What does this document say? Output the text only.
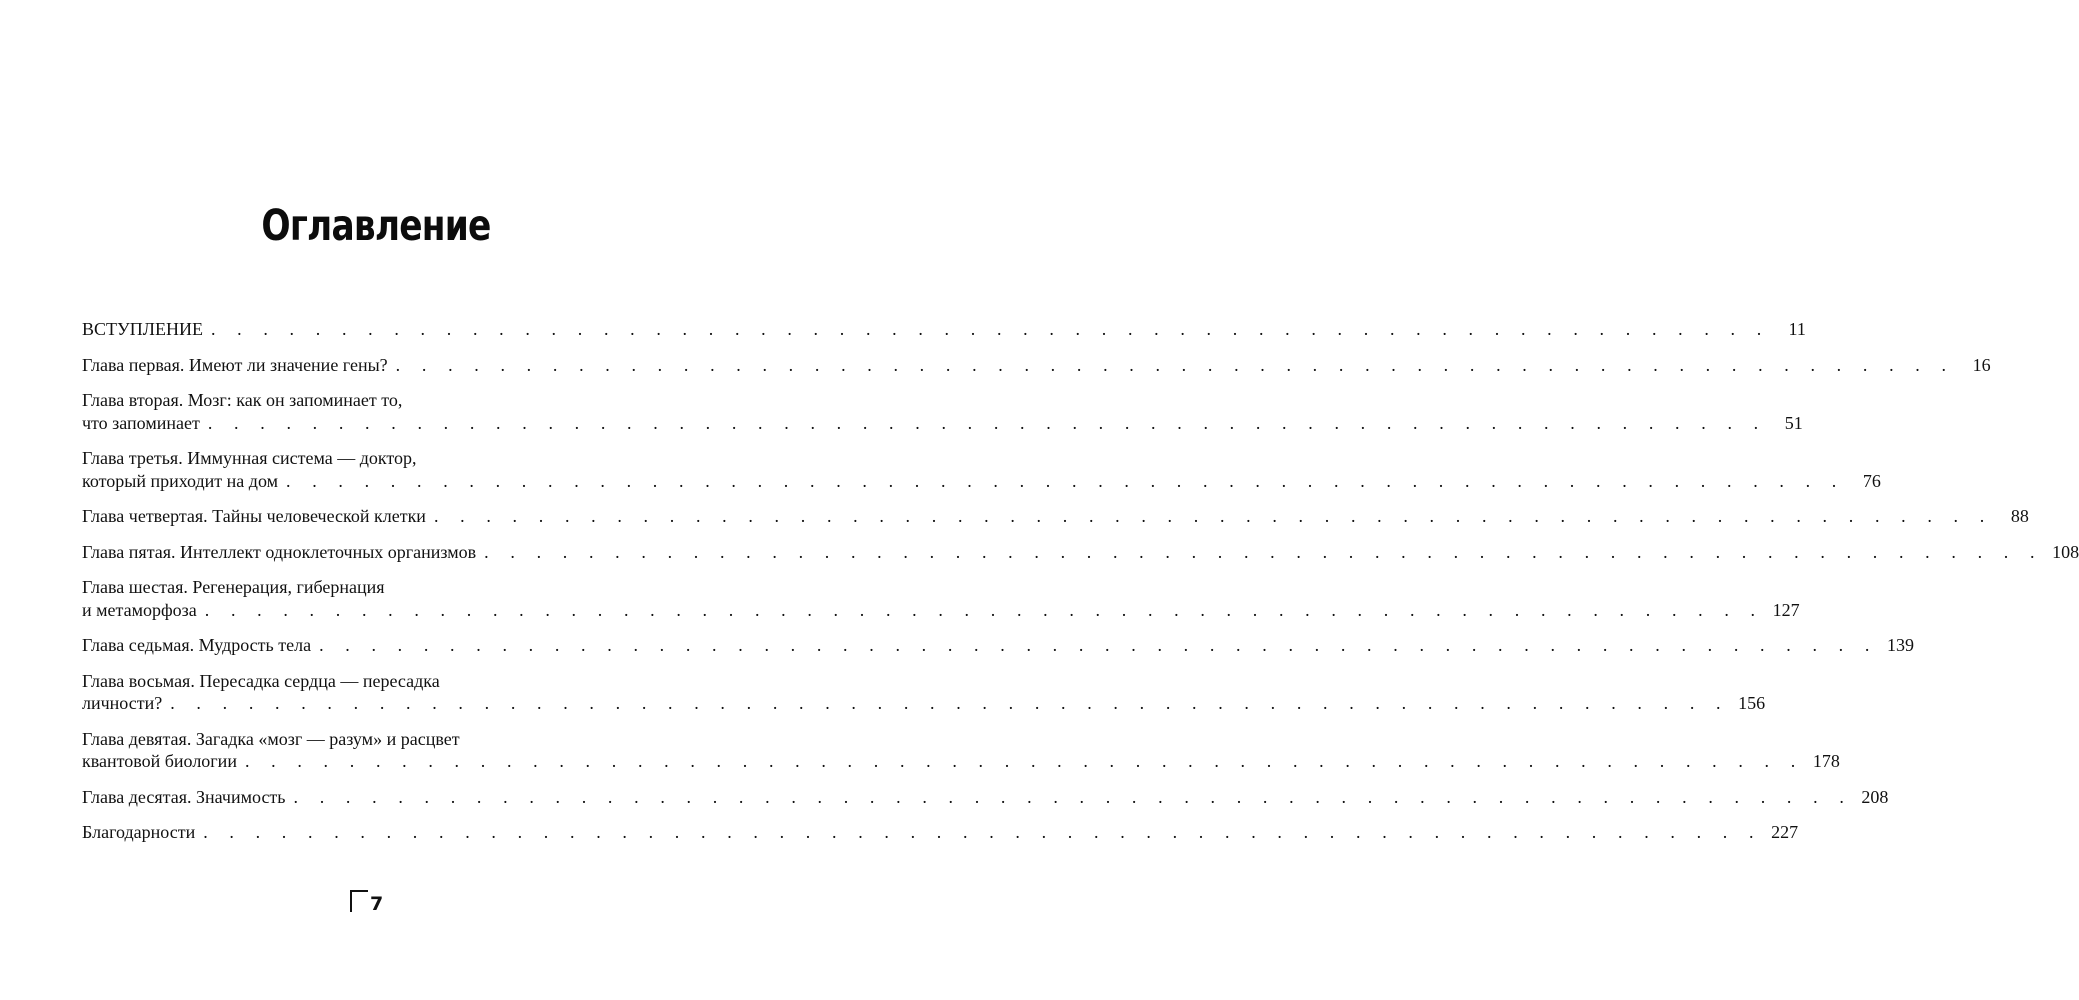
Оглавление
ВСТУПЛЕНИЕ . . . . . . . . . . . . . . . . . . . . . . . . . . . . . . . . . . . . . . . . . . . . . . . . . . . . . . . . . . . .	11
Глава первая. Имеют ли значение гены? . . . . . . . . . . . . . . . . . . . . . . . . . . . . . . . . . . . . . . . . . . . . . . . . . . . . . . . . . . . .	16
Глава вторая. Мозг: как он запоминает то,
что запоминает . . . . . . . . . . . . . . . . . . . . . . . . . . . . . . . . . . . . . . . . . . . . . . . . . . . . . . . . . . . .	51
Глава третья. Иммунная система — доктор,
который приходит на дом . . . . . . . . . . . . . . . . . . . . . . . . . . . . . . . . . . . . . . . . . . . . . . . . . . . . . . . . . . . .	76
Глава четвертая. Тайны человеческой клетки . . . . . . . . . . . . . . . . . . . . . . . . . . . . . . . . . . . . . . . . . . . . . . . . . . . . . . . . . . . .	88
Глава пятая. Интеллект одноклеточных организмов . . . . . . . . . . . . . . . . . . . . . . . . . . . . . . . . . . . . . . . . . . . . . . . . . . . . . . . . . . . . 108
Глава шестая. Регенерация, гибернация
и метаморфоза . . . . . . . . . . . . . . . . . . . . . . . . . . . . . . . . . . . . . . . . . . . . . . . . . . . . . . . . . . . . 127
Глава седьмая. Мудрость тела . . . . . . . . . . . . . . . . . . . . . . . . . . . . . . . . . . . . . . . . . . . . . . . . . . . . . . . . . . . . 139
Глава восьмая. Пересадка сердца — пересадка
личности? . . . . . . . . . . . . . . . . . . . . . . . . . . . . . . . . . . . . . . . . . . . . . . . . . . . . . . . . . . . . 156
Глава девятая. Загадка «мозг — разум» и расцвет
квантовой биологии . . . . . . . . . . . . . . . . . . . . . . . . . . . . . . . . . . . . . . . . . . . . . . . . . . . . . . . . . . . . 178
Глава десятая. Значимость . . . . . . . . . . . . . . . . . . . . . . . . . . . . . . . . . . . . . . . . . . . . . . . . . . . . . . . . . . . . 208
Благодарности . . . . . . . . . . . . . . . . . . . . . . . . . . . . . . . . . . . . . . . . . . . . . . . . . . . . . . . . . . . . 227
7
